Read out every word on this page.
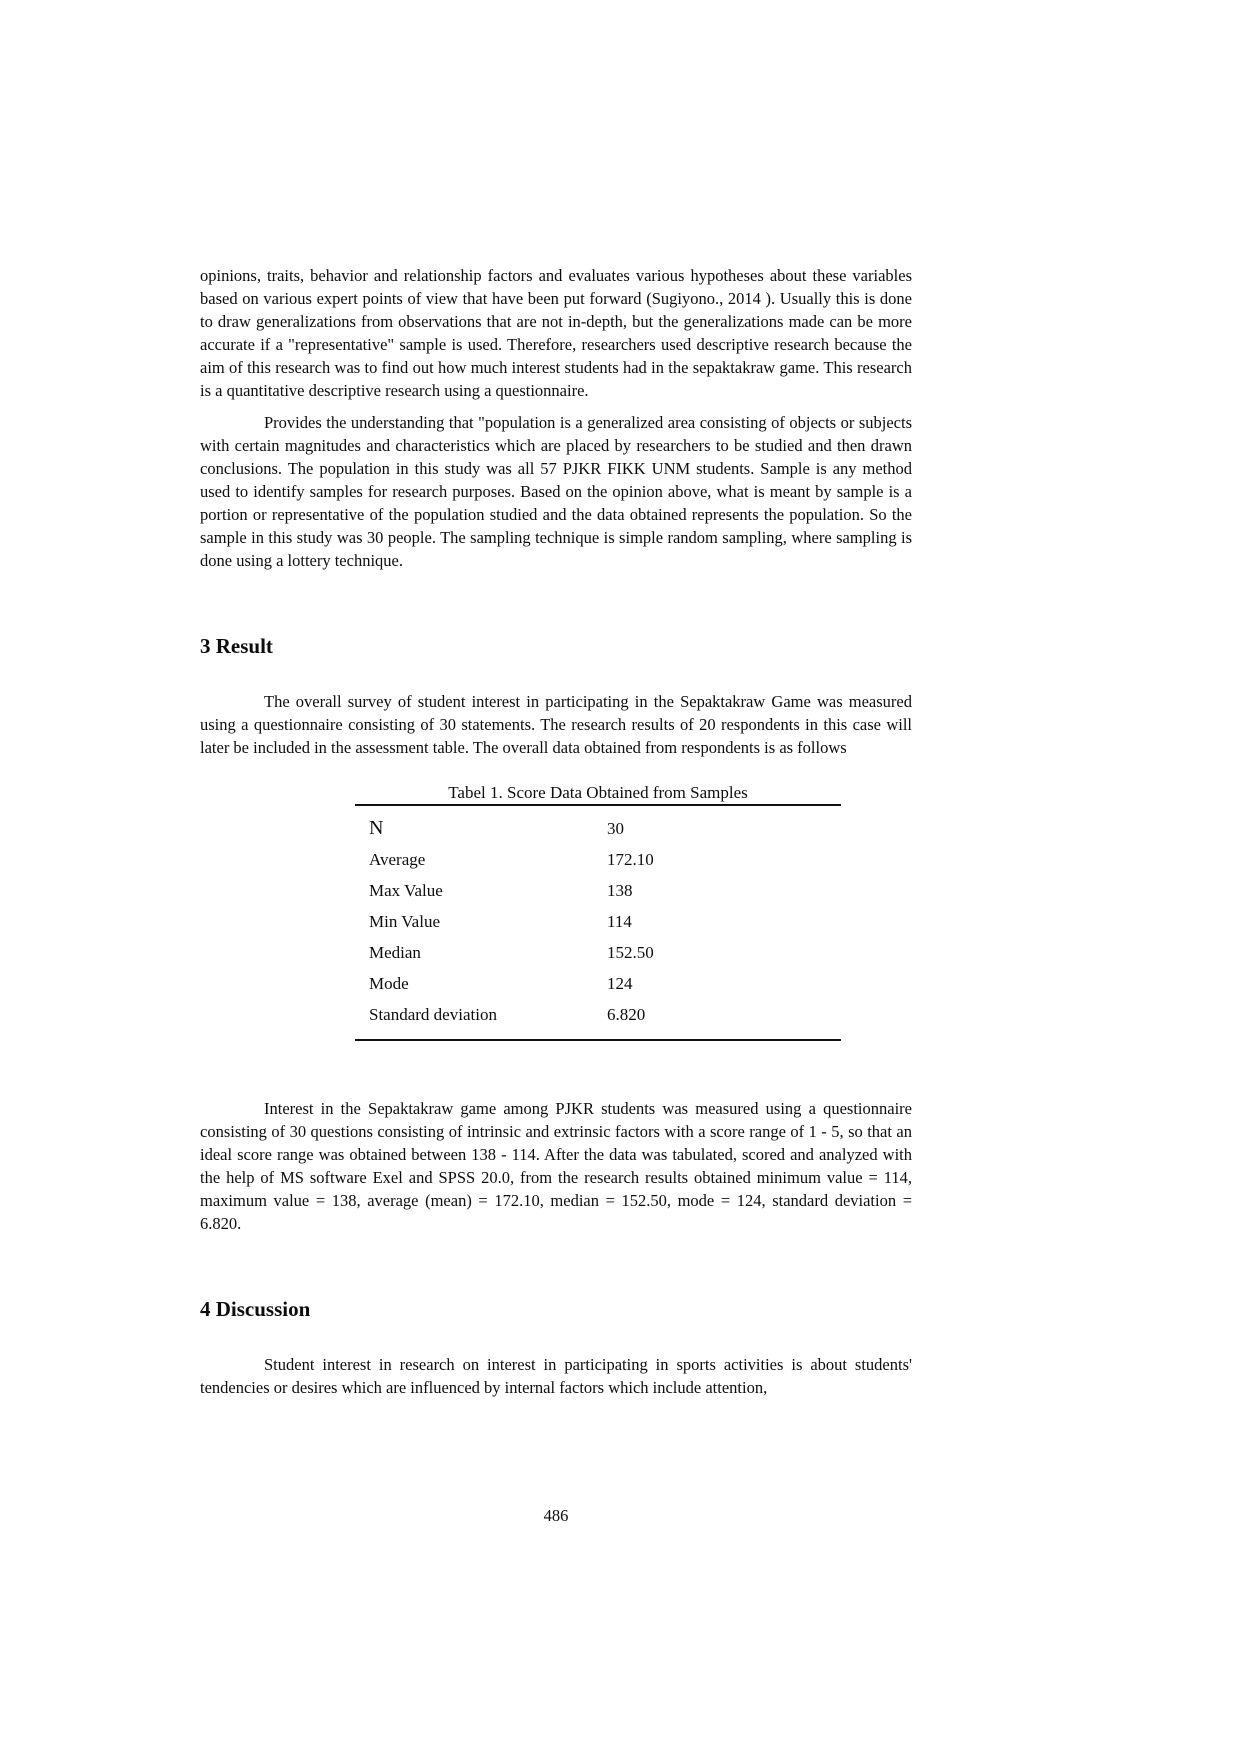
opinions, traits, behavior and relationship factors and evaluates various hypotheses about these variables based on various expert points of view that have been put forward (Sugiyono., 2014 ). Usually this is done to draw generalizations from observations that are not in-depth, but the generalizations made can be more accurate if a "representative" sample is used. Therefore, researchers used descriptive research because the aim of this research was to find out how much interest students had in the sepaktakraw game. This research is a quantitative descriptive research using a questionnaire.

Provides the understanding that "population is a generalized area consisting of objects or subjects with certain magnitudes and characteristics which are placed by researchers to be studied and then drawn conclusions. The population in this study was all 57 PJKR FIKK UNM students. Sample is any method used to identify samples for research purposes. Based on the opinion above, what is meant by sample is a portion or representative of the population studied and the data obtained represents the population. So the sample in this study was 30 people. The sampling technique is simple random sampling, where sampling is done using a lottery technique.

3 Result

The overall survey of student interest in participating in the Sepaktakraw Game was measured using a questionnaire consisting of 30 statements. The research results of 20 respondents in this case will later be included in the assessment table. The overall data obtained from respondents is as follows

Tabel 1. Score Data Obtained from Samples

N	30
Average	172.10
Max Value	138
Min Value	114
Median	152.50
Mode	124
Standard deviation	6.820

Interest in the Sepaktakraw game among PJKR students was measured using a questionnaire consisting of 30 questions consisting of intrinsic and extrinsic factors with a score range of 1 - 5, so that an ideal score range was obtained between 138 - 114. After the data was tabulated, scored and analyzed with the help of MS software Exel and SPSS 20.0, from the research results obtained minimum value = 114, maximum value = 138, average (mean) = 172.10, median = 152.50, mode = 124, standard deviation = 6.820.

4 Discussion

Student interest in research on interest in participating in sports activities is about students' tendencies or desires which are influenced by internal factors which include attention,

486
